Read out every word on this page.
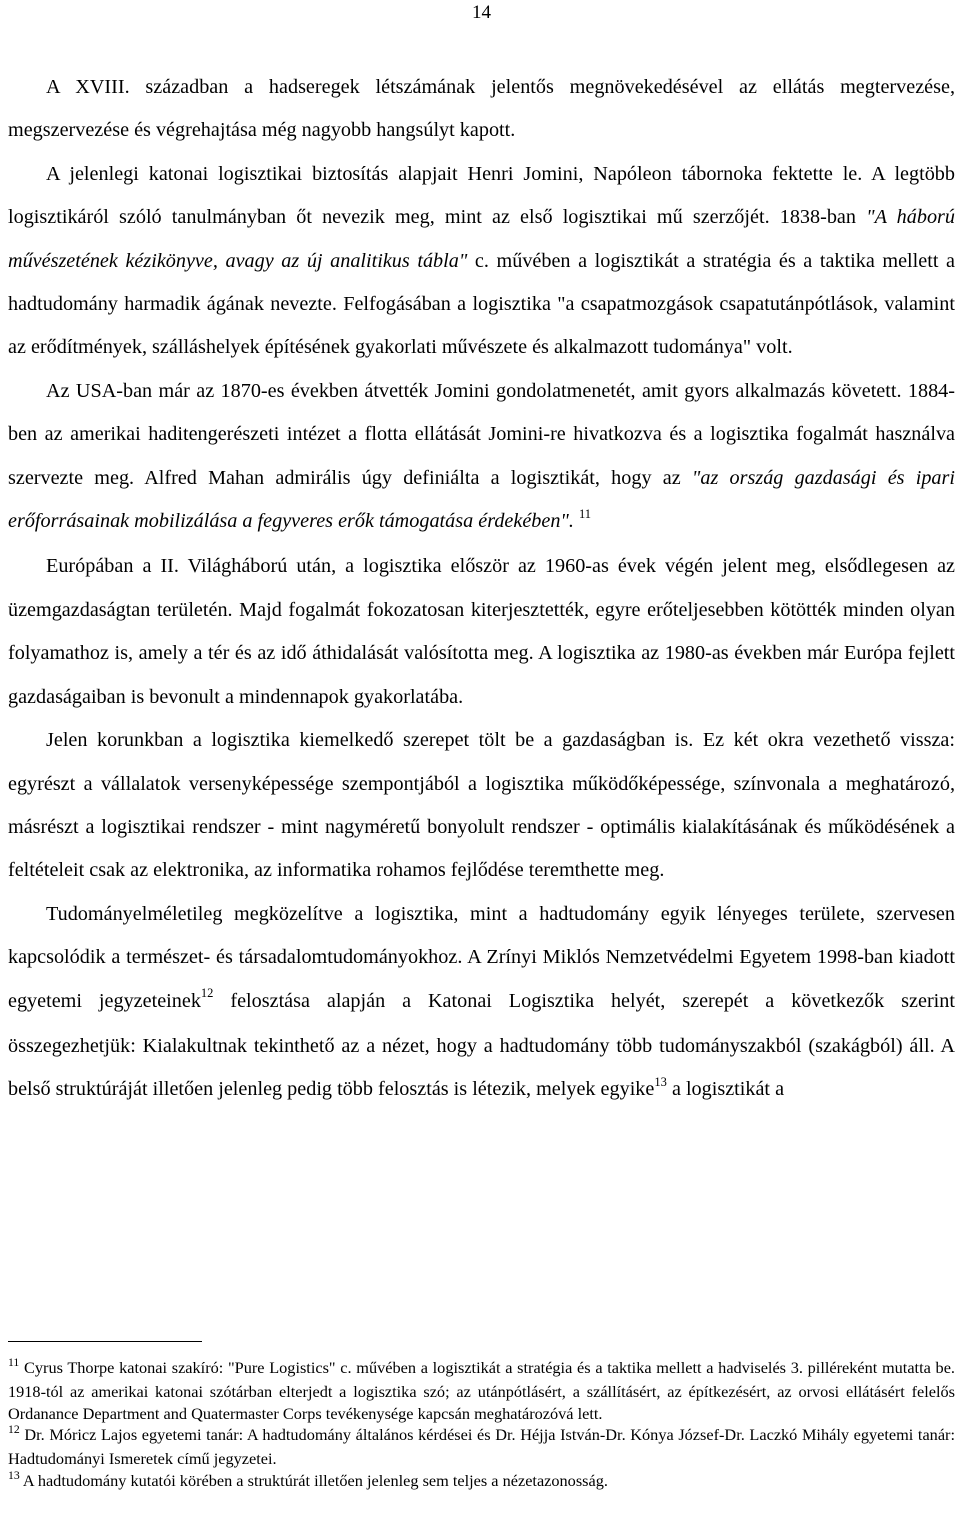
14

A XVIII. században a hadseregek létszámának jelentős megnövekedésével az ellátás megtervezése, megszervezése és végrehajtása még nagyobb hangsúlyt kapott.

A jelenlegi katonai logisztikai biztosítás alapjait Henri Jomini, Napóleon tábornoka fektette le. A legtöbb logisztikáról szóló tanulmányban őt nevezik meg, mint az első logisztikai mű szerzőjét. 1838-ban "A háború művészetének kézikönyve, avagy az új analitikus tábla" c. művében a logisztikát a stratégia és a taktika mellett a hadtudomány harmadik ágának nevezte. Felfogásában a logisztika "a csapatmozgások csapatutánpótlások, valamint az erődítmények, szálláshelyek építésének gyakorlati művészete és alkalmazott tudománya" volt.

Az USA-ban már az 1870-es években átvették Jomini gondolatmenetét, amit gyors alkalmazás követett. 1884-ben az amerikai haditengerészeti intézet a flotta ellátását Jomini-re hivatkozva és a logisztika fogalmát használva szervezte meg. Alfred Mahan admirális úgy definiálta a logisztikát, hogy az "az ország gazdasági és ipari erőforrásainak mobilizálása a fegyveres erők támogatása érdekében". $^{11}$

Európában a II. Világháború után, a logisztika először az 1960-as évek végén jelent meg, elsődlegesen az üzemgazdaságtan területén. Majd fogalmát fokozatosan kiterjesztették, egyre erőteljesebben kötötték minden olyan folyamathoz is, amely a tér és az idő áthidalását valósította meg. A logisztika az 1980-as években már Európa fejlett gazdaságaiban is bevonult a mindennapok gyakorlatába.

Jelen korunkban a logisztika kiemelkedő szerepet tölt be a gazdaságban is. Ez két okra vezethető vissza: egyrészt a vállalatok versenyképessége szempontjából a logisztika működőképessége, színvonala a meghatározó, másrészt a logisztikai rendszer - mint nagyméretű bonyolult rendszer - optimális kialakításának és működésének a feltételeit csak az elektronika, az informatika rohamos fejlődése teremthette meg.

Tudományelméletileg megközelítve a logisztika, mint a hadtudomány egyik lényeges területe, szervesen kapcsolódik a természet- és társadalomtudományokhoz. A Zrínyi Miklós Nemzetvédelmi Egyetem 1998-ban kiadott egyetemi jegyzeteinek$^{12}$ felosztása alapján a Katonai Logisztika helyét, szerepét a következők szerint összegezhetjük: Kialakultnak tekinthető az a nézet, hogy a hadtudomány több tudományszakból (szakágból) áll. A belső struktúráját illetően jelenleg pedig több felosztás is létezik, melyek egyike$^{13}$ a logisztikát a

$^{11}$ Cyrus Thorpe katonai szakíró: "Pure Logistics" c. művében a logisztikát a stratégia és a taktika mellett a hadviselés 3. pilléreként mutatta be. 1918-tól az amerikai katonai szótárban elterjedt a logisztika szó; az utánpótlásért, a szállításért, az építkezésért, az orvosi ellátásért felelős Ordanance Department and Quatermaster Corps tevékenysége kapcsán meghatározóvá lett.

$^{12}$ Dr. Móricz Lajos egyetemi tanár: A hadtudomány általános kérdései és Dr. Héjja István-Dr. Kónya József-Dr. Laczkó Mihály egyetemi tanár: Hadtudományi Ismeretek című jegyzetei.

$^{13}$ A hadtudomány kutatói körében a struktúrát illetően jelenleg sem teljes a nézetazonosság.
